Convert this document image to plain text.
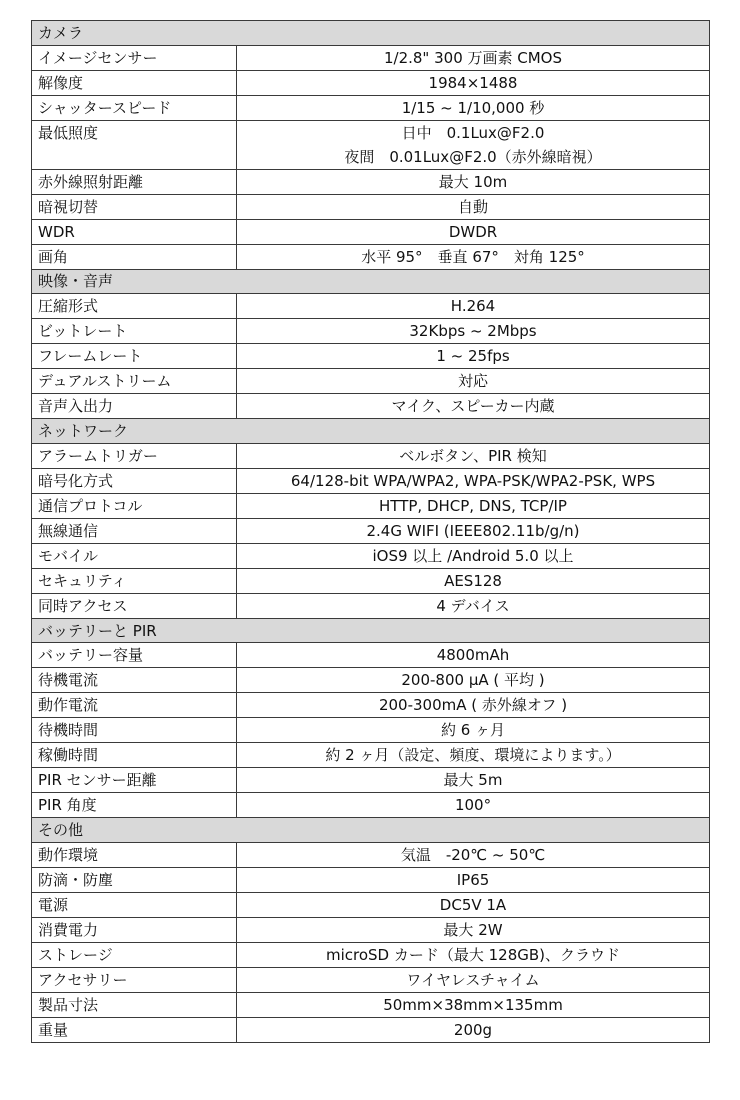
カメラ	
イメージセンサー	1/2.8" 300 万画素 CMOS

解像度	1984×1488

シャッタースピード	1/15 ~ 1/10,000 秒

最低照度	日中　0.1Lux@F2.0
夜間　0.01Lux@F2.0（赤外線暗視）

赤外線照射距離	最大 10m

暗視切替	自動

WDR	DWDR

画角	水平 95°　垂直 67°　対角 125°

映像・音声	
圧縮形式	H.264

ビットレート	32Kbps ~ 2Mbps

フレームレート	1 ~ 25fps

デュアルストリーム	対応

音声入出力	マイク、スピーカー内蔵

ネットワーク	
アラームトリガー	ベルボタン、PIR 検知

暗号化方式	64/128-bit WPA/WPA2, WPA-PSK/WPA2-PSK, WPS

通信プロトコル	HTTP, DHCP, DNS, TCP/IP

無線通信	2.4G WIFI (IEEE802.11b/g/n)

モバイル	iOS9 以上 /Android 5.0 以上

セキュリティ	AES128

同時アクセス	4 デバイス

バッテリーと PIR	
バッテリー容量	4800mAh

待機電流	200-800 μA ( 平均 )

動作電流	200-300mA ( 赤外線オフ )

待機時間	約 6 ヶ月

稼働時間	約 2 ヶ月（設定、頻度、環境によります。）

PIR センサー距離	最大 5m

PIR 角度	100°

その他	
動作環境	気温　-20℃ ~ 50℃

防滴・防塵	IP65

電源	DC5V 1A

消費電力	最大 2W

ストレージ	microSD カード（最大 128GB)、クラウド

アクセサリー	ワイヤレスチャイム

製品寸法	50mm×38mm×135mm

重量	200g
